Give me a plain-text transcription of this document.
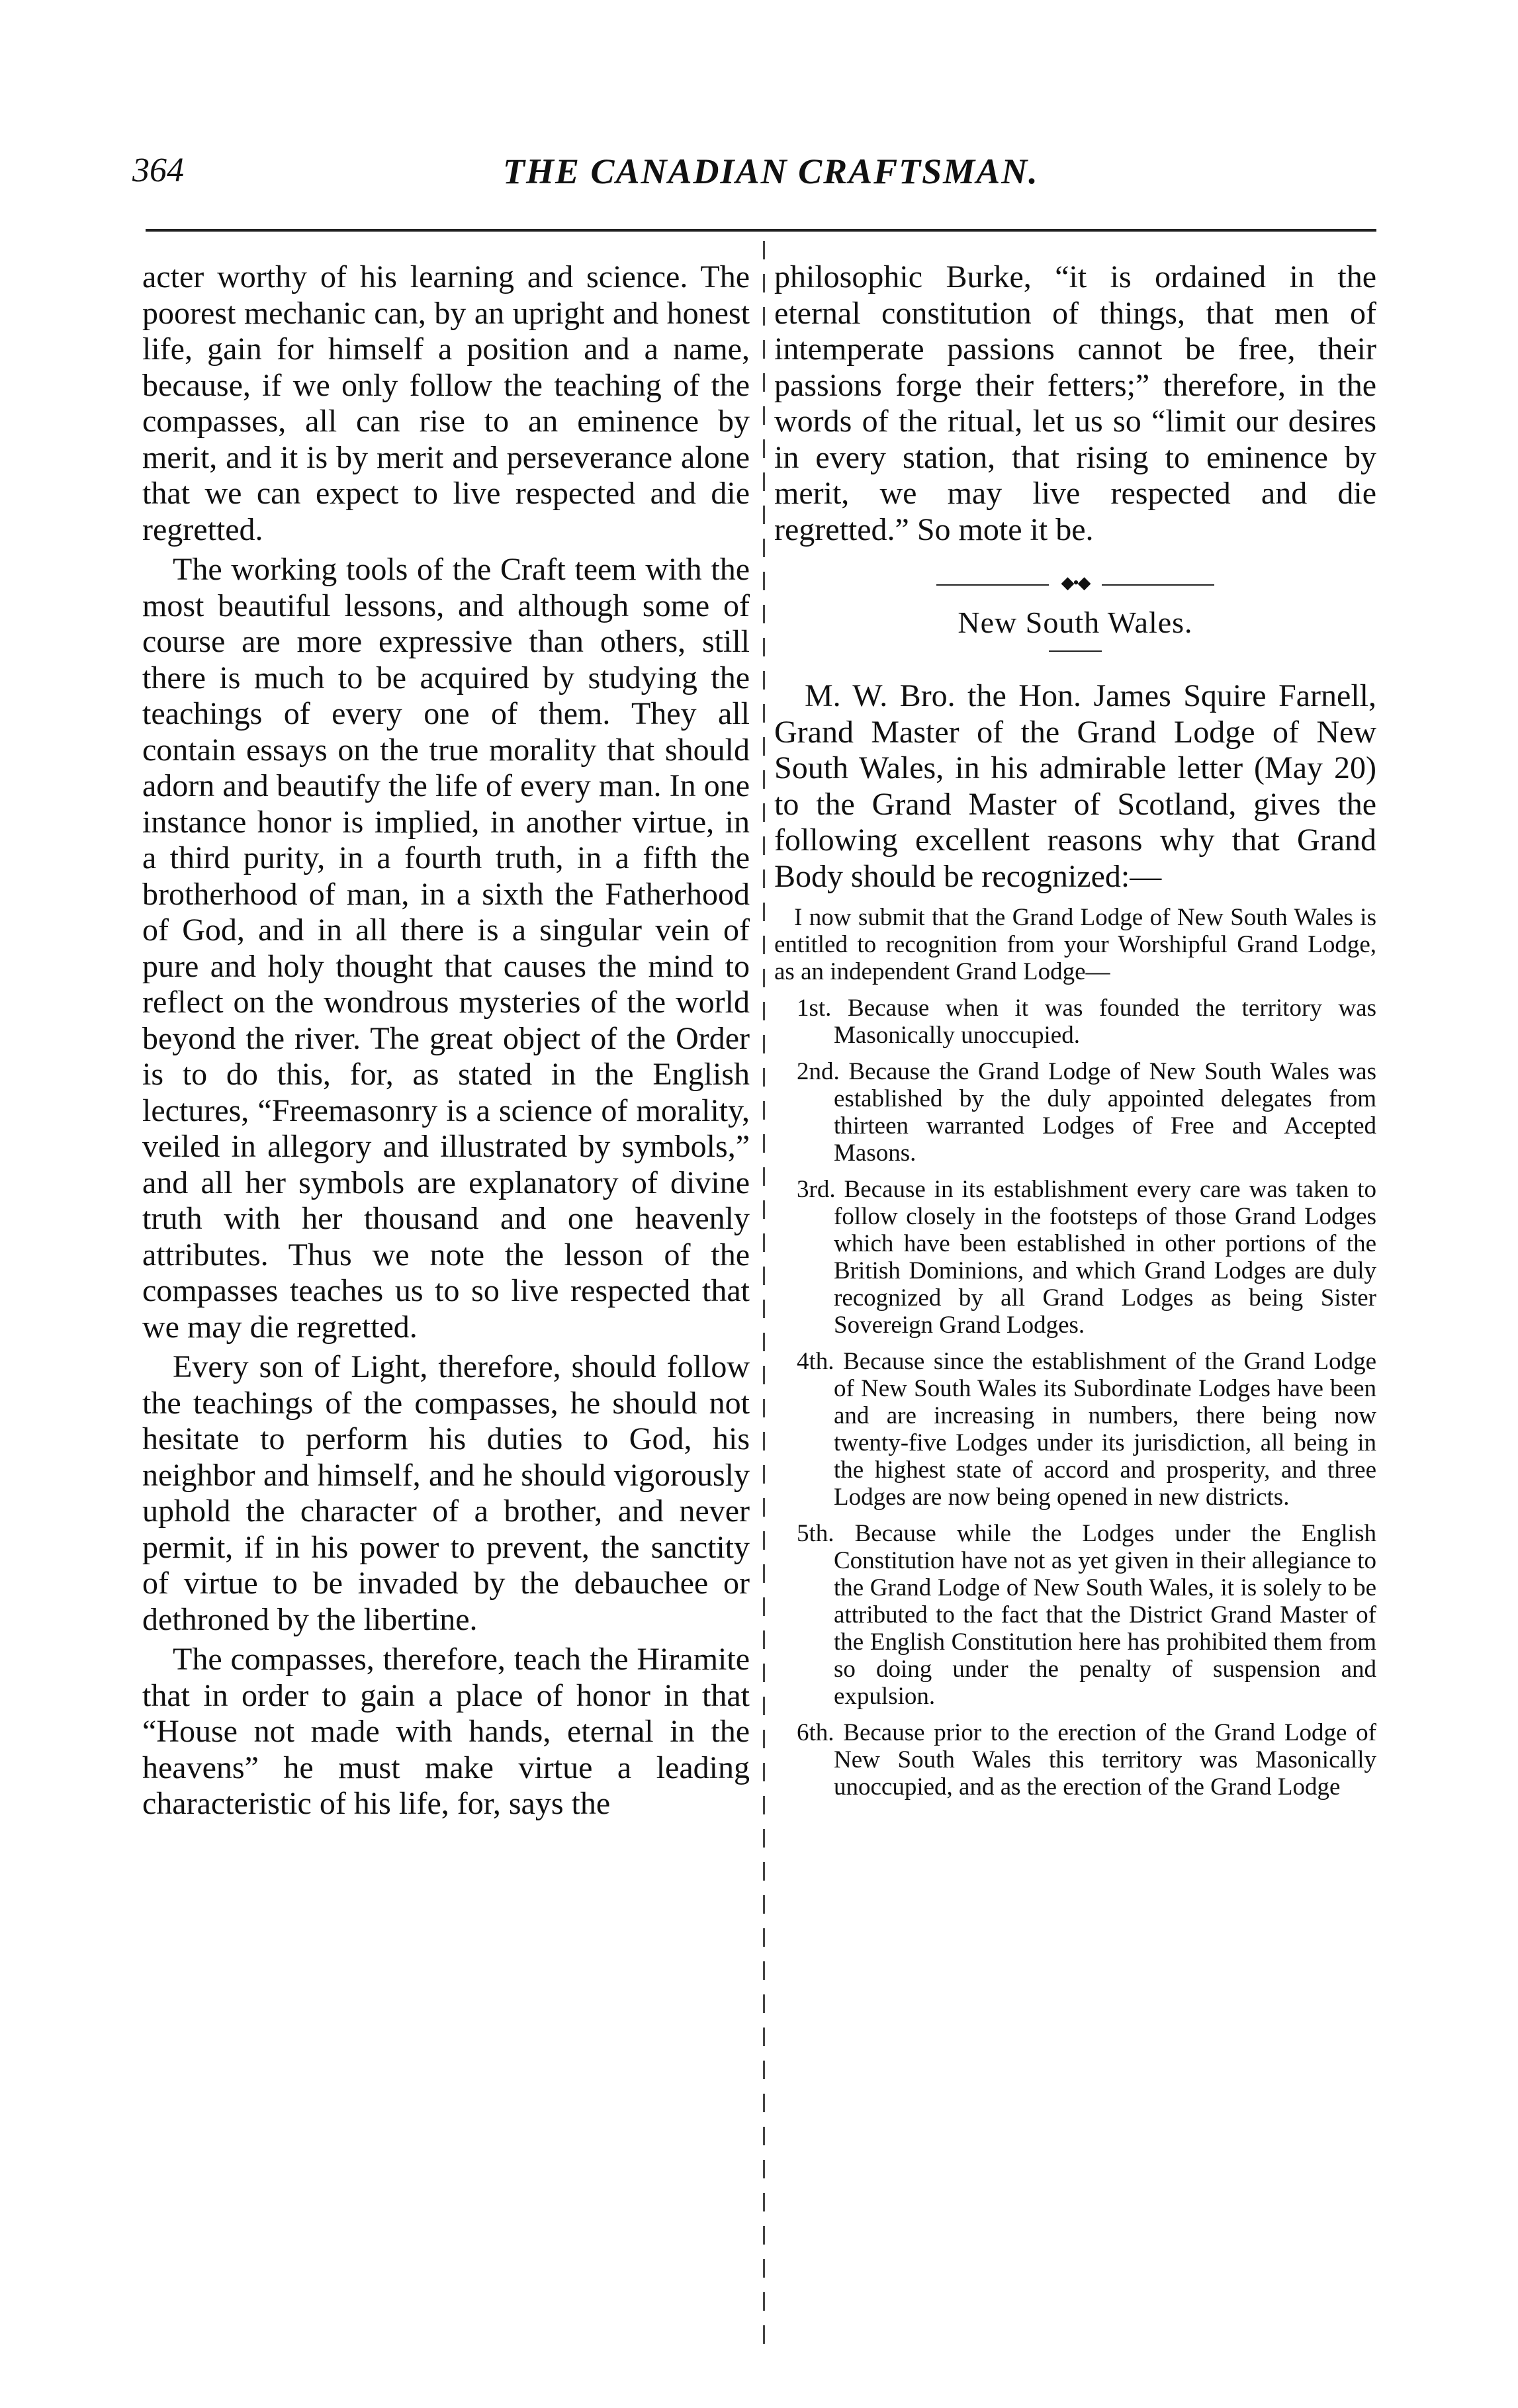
364	THE CANADIAN CRAFTSMAN.

acter worthy of his learning and science. The poorest mechanic can, by an upright and honest life, gain for himself a position and a name, because, if we only follow the teaching of the compasses, all can rise to an eminence by merit, and it is by merit and perseverance alone that we can expect to live respected and die regretted.

The working tools of the Craft teem with the most beautiful lessons, and although some of course are more expressive than others, still there is much to be acquired by studying the teachings of every one of them. They all contain essays on the true morality that should adorn and beautify the life of every man. In one instance honor is implied, in another virtue, in a third purity, in a fourth truth, in a fifth the brotherhood of man, in a sixth the Fatherhood of God, and in all there is a singular vein of pure and holy thought that causes the mind to reflect on the wondrous mysteries of the world beyond the river. The great object of the Order is to do this, for, as stated in the English lectures, “Freemasonry is a science of morality, veiled in allegory and illustrated by symbols,” and all her symbols are explanatory of divine truth with her thousand and one heavenly attributes. Thus we note the lesson of the compasses teaches us to so live respected that we may die regretted.

Every son of Light, therefore, should follow the teachings of the compasses, he should not hesitate to perform his duties to God, his neighbor and himself, and he should vigorously uphold the character of a brother, and never permit, if in his power to prevent, the sanctity of virtue to be invaded by the debauchee or dethroned by the libertine.

The compasses, therefore, teach the Hiramite that in order to gain a place of honor in that “House not made with hands, eternal in the heavens” he must make virtue a leading characteristic of his life, for, says the

philosophic Burke, “it is ordained in the eternal constitution of things, that men of intemperate passions cannot be free, their passions forge their fetters;” therefore, in the words of the ritual, let us so “limit our desires in every station, that rising to eminence by merit, we may live respected and die regretted.” So mote it be.

◆•◆
New South Wales.

M. W. Bro. the Hon. James Squire Farnell, Grand Master of the Grand Lodge of New South Wales, in his admirable letter (May 20) to the Grand Master of Scotland, gives the following excellent reasons why that Grand Body should be recognized:—

I now submit that the Grand Lodge of New South Wales is entitled to recognition from your Worshipful Grand Lodge, as an independent Grand Lodge—

1st. Because when it was founded the territory was Masonically unoccupied.

2nd. Because the Grand Lodge of New South Wales was established by the duly appointed delegates from thirteen warranted Lodges of Free and Accepted Masons.

3rd. Because in its establishment every care was taken to follow closely in the footsteps of those Grand Lodges which have been established in other portions of the British Dominions, and which Grand Lodges are duly recognized by all Grand Lodges as being Sister Sovereign Grand Lodges.

4th. Because since the establishment of the Grand Lodge of New South Wales its Subordinate Lodges have been and are increasing in numbers, there being now twenty-five Lodges under its jurisdiction, all being in the highest state of accord and prosperity, and three Lodges are now being opened in new districts.

5th. Because while the Lodges under the English Constitution have not as yet given in their allegiance to the Grand Lodge of New South Wales, it is solely to be attributed to the fact that the District Grand Master of the English Constitution here has prohibited them from so doing under the penalty of suspension and expulsion.

6th. Because prior to the erection of the Grand Lodge of New South Wales this territory was Masonically unoccupied, and as the erection of the Grand Lodge
